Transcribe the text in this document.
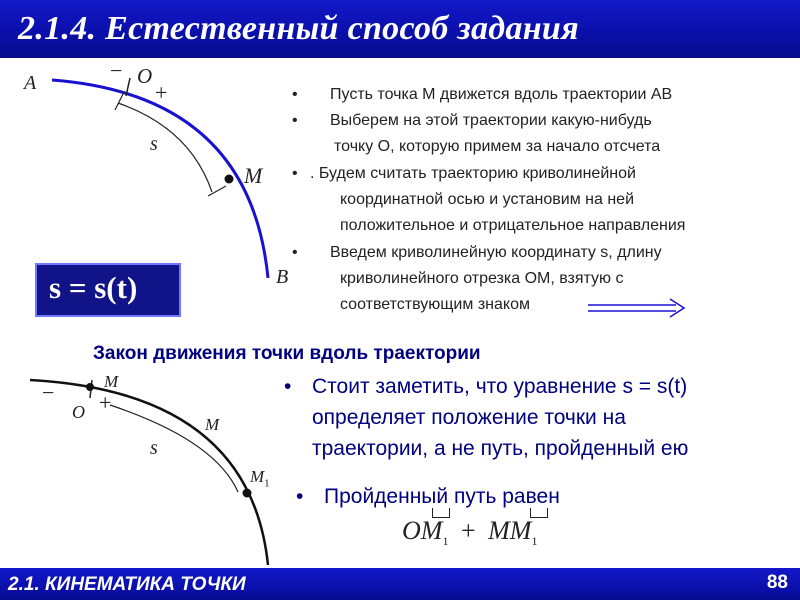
2.1.4. Естественный способ задания
A	− O
+
s
M
B
s = s(t)
• Пусть точка M движется вдоль траектории AB
• Выберем на этой траектории какую-нибудь
точку O, которую примем за начало отсчета
• . Будем считать траекторию криволинейной
координатной осью и установим на ней
положительное и отрицательное направления
• Введем криволинейную координату s, длину
криволинейного отрезка OM, взятую с
соответствующим знаком
Закон движения точки вдоль траектории
−
O
M
+
M
s
$M_1$
• Стоит заметить, что уравнение s = s(t)
определяет положение точки на
траектории, а не путь, пройденный ею
• Пройденный путь равен
$OM_1 + MM_1$
2.1. КИНЕМАТИКА ТОЧКИ	88
